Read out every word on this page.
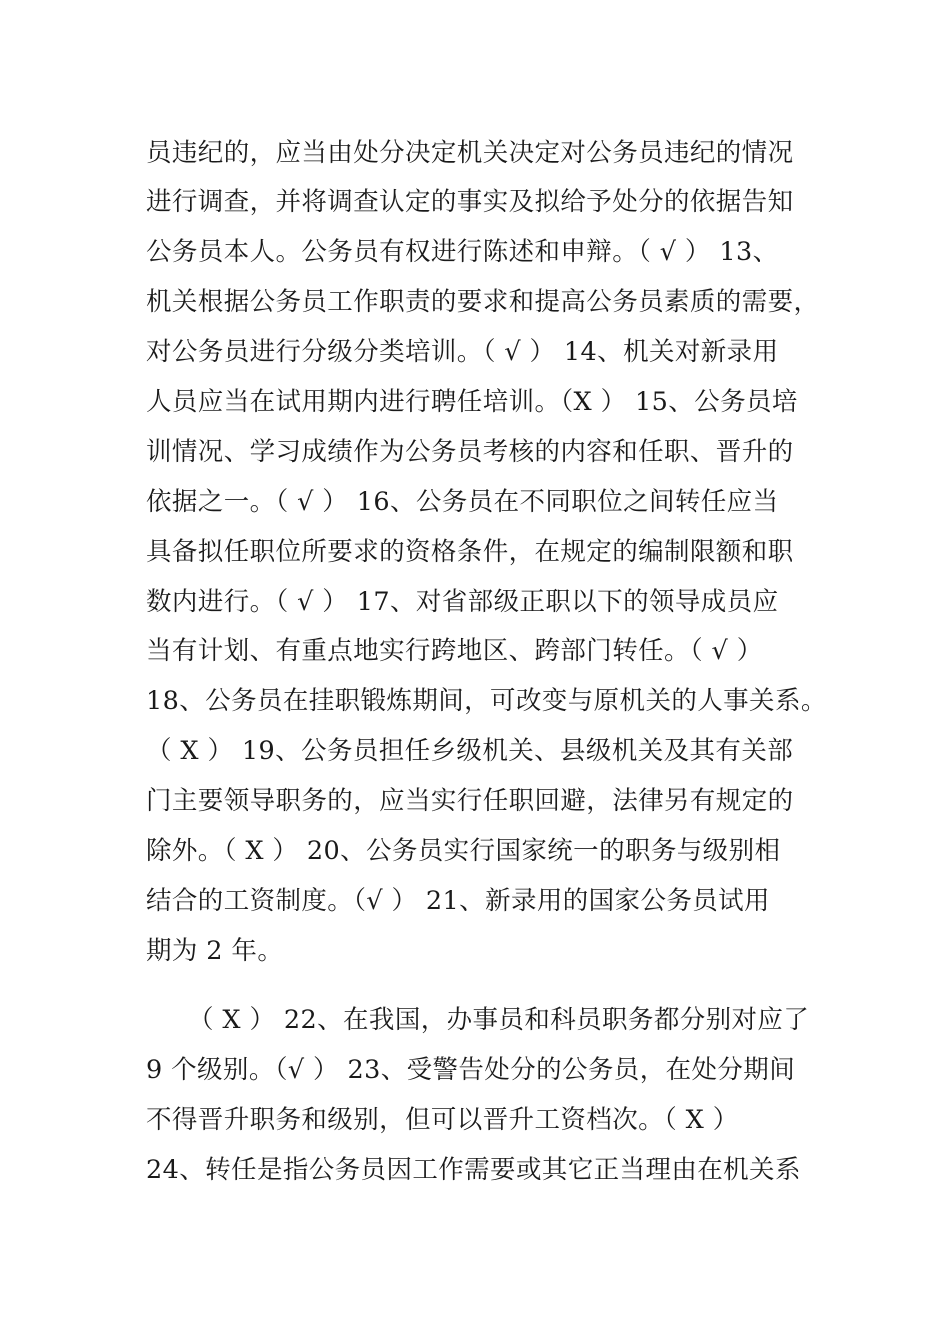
员违纪的，应当由处分决定机关决定对公务员违纪的情况
进行调查，并将调查认定的事实及拟给予处分的依据告知
公务员本人。公务员有权进行陈述和申辩。（ √ ） 13、
机关根据公务员工作职责的要求和提高公务员素质的需要，
对公务员进行分级分类培训。（ √ ） 14、机关对新录用
人员应当在试用期内进行聘任培训。（X ） 15、公务员培
训情况、学习成绩作为公务员考核的内容和任职、晋升的
依据之一。（ √ ） 16、公务员在不同职位之间转任应当
具备拟任职位所要求的资格条件，在规定的编制限额和职
数内进行。（ √ ） 17、对省部级正职以下的领导成员应
当有计划、有重点地实行跨地区、跨部门转任。（ √ ）
18、公务员在挂职锻炼期间，可改变与原机关的人事关系。
（ X ） 19、公务员担任乡级机关、县级机关及其有关部
门主要领导职务的，应当实行任职回避，法律另有规定的
除外。（ X ） 20、公务员实行国家统一的职务与级别相
结合的工资制度。（√ ） 21、新录用的国家公务员试用
期为 2 年。
（ X ） 22、在我国，办事员和科员职务都分别对应了
9 个级别。（√ ） 23、受警告处分的公务员，在处分期间
不得晋升职务和级别，但可以晋升工资档次。（ X ）
24、转任是指公务员因工作需要或其它正当理由在机关系
